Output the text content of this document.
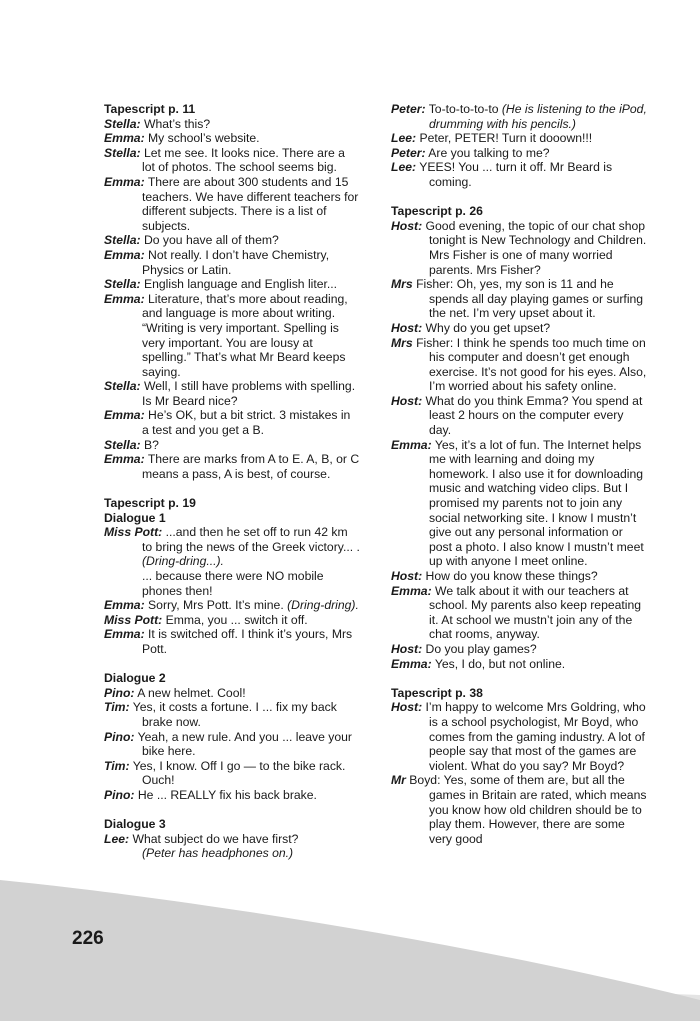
Tapescript p. 11
Stella: What’s this?
Emma: My school’s website.
Stella: Let me see. It looks nice. There are a lot of photos. The school seems big.
Emma: There are about 300 students and 15 teachers. We have different teachers for different subjects. There is a list of subjects.
Stella: Do you have all of them?
Emma: Not really. I don’t have Chemistry, Physics or Latin.
Stella: English language and English liter...
Emma: Literature, that’s more about reading, and language is more about writing. “Writing is very important. Spelling is very important. You are lousy at spelling.” That’s what Mr Beard keeps saying.
Stella: Well, I still have problems with spelling. Is Mr Beard nice?
Emma: He’s OK, but a bit strict. 3 mistakes in a test and you get a B.
Stella: B?
Emma: There are marks from A to E. A, B, or C means a pass, A is best, of course.
Tapescript p. 19
Dialogue 1
Miss Pott: ...and then he set off to run 42 km to bring the news of the Greek victory... . (Dring-dring...).
... because there were NO mobile phones then!
Emma: Sorry, Mrs Pott. It’s mine. (Dring-dring).
Miss Pott: Emma, you ... switch it off.
Emma: It is switched off. I think it’s yours, Mrs Pott.
Dialogue 2
Pino: A new helmet. Cool!
Tim: Yes, it costs a fortune. I ... fix my back brake now.
Pino: Yeah, a new rule. And you ... leave your bike here.
Tim: Yes, I know. Off I go — to the bike rack. Ouch!
Pino: He ... REALLY fix his back brake.
Dialogue 3
Lee: What subject do we have first?
(Peter has headphones on.)
Peter: To-to-to-to-to (He is listening to the iPod, drumming with his pencils.)
Lee: Peter, PETER! Turn it dooown!!!
Peter: Are you talking to me?
Lee: YEES! You ... turn it off. Mr Beard is coming.
Tapescript p. 26
Host: Good evening, the topic of our chat shop tonight is New Technology and Children. Mrs Fisher is one of many worried parents. Mrs Fisher?
Mrs Fisher: Oh, yes, my son is 11 and he spends all day playing games or surfing the net. I’m very upset about it.
Host: Why do you get upset?
Mrs Fisher: I think he spends too much time on his computer and doesn’t get enough exercise. It’s not good for his eyes. Also, I’m worried about his safety online.
Host: What do you think Emma? You spend at least 2 hours on the computer every day.
Emma: Yes, it’s a lot of fun. The Internet helps me with learning and doing my homework. I also use it for downloading music and watching video clips. But I promised my parents not to join any social networking site. I know I mustn’t give out any personal information or post a photo. I also know I mustn’t meet up with anyone I meet online.
Host: How do you know these things?
Emma: We talk about it with our teachers at school. My parents also keep repeating it. At school we mustn’t join any of the chat rooms, anyway.
Host: Do you play games?
Emma: Yes, I do, but not online.
Tapescript p. 38
Host: I’m happy to welcome Mrs Goldring, who is a school psychologist, Mr Boyd, who comes from the gaming industry. A lot of people say that most of the games are violent. What do you say? Mr Boyd?
Mr Boyd: Yes, some of them are, but all the games in Britain are rated, which means you know how old children should be to play them. However, there are some very good
226
